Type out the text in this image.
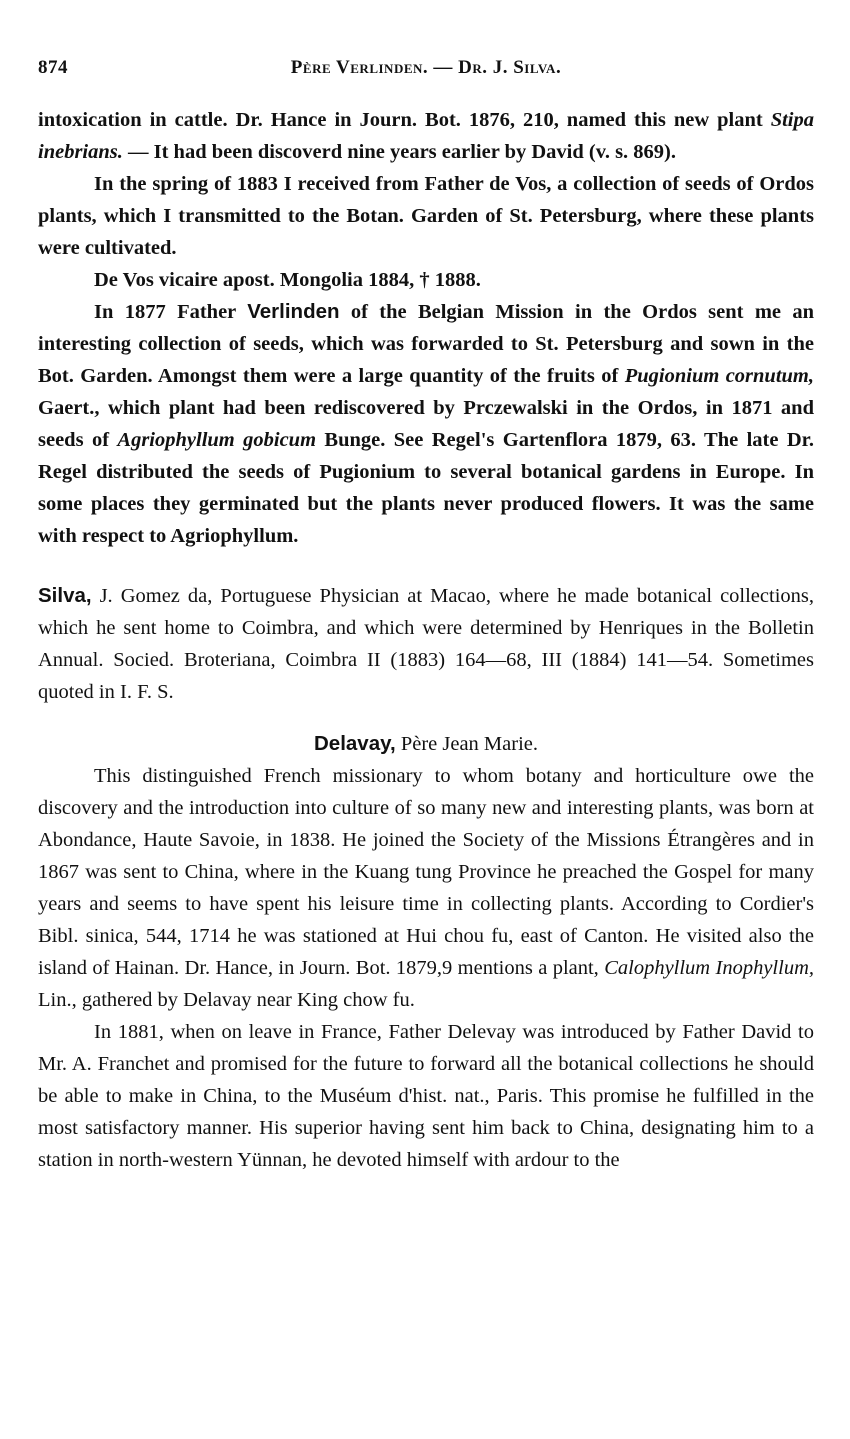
874	Père Verlinden. — Dr. J. Silva.

intoxication in cattle. Dr. Hance in Journ. Bot. 1876, 210, named this new plant Stipa inebrians. — It had been discoverd nine years earlier by David (v. s. 869).

In the spring of 1883 I received from Father de Vos, a collection of seeds of Ordos plants, which I transmitted to the Botan. Garden of St. Petersburg, where these plants were cultivated.

De Vos vicaire apost. Mongolia 1884, † 1888.

In 1877 Father Verlinden of the Belgian Mission in the Ordos sent me an interesting collection of seeds, which was forwarded to St. Petersburg and sown in the Bot. Garden. Amongst them were a large quantity of the fruits of Pugionium cornutum, Gaert., which plant had been rediscovered by Prczewalski in the Ordos, in 1871 and seeds of Agriophyllum gobicum Bunge. See Regel's Gartenflora 1879, 63. The late Dr. Regel distributed the seeds of Pugionium to several botanical gardens in Europe. In some places they germinated but the plants never produced flowers. It was the same with respect to Agriophyllum.

Silva, J. Gomez da, Portuguese Physician at Macao, where he made botanical collections, which he sent home to Coimbra, and which were determined by Henriques in the Bolletin Annual. Socied. Broteriana, Coimbra II (1883) 164—68, III (1884) 141—54. Sometimes quoted in I. F. S.

Delavay, Père Jean Marie.

This distinguished French missionary to whom botany and horticulture owe the discovery and the introduction into culture of so many new and interesting plants, was born at Abondance, Haute Savoie, in 1838. He joined the Society of the Missions Étrangères and in 1867 was sent to China, where in the Kuang tung Province he preached the Gospel for many years and seems to have spent his leisure time in collecting plants. According to Cordier's Bibl. sinica, 544, 1714 he was stationed at Hui chou fu, east of Canton. He visited also the island of Hainan. Dr. Hance, in Journ. Bot. 1879,9 mentions a plant, Calophyllum Inophyllum, Lin., gathered by Delavay near King chow fu.

In 1881, when on leave in France, Father Delevay was introduced by Father David to Mr. A. Franchet and promised for the future to forward all the botanical collections he should be able to make in China, to the Muséum d'hist. nat., Paris. This promise he fulfilled in the most satisfactory manner. His superior having sent him back to China, designating him to a station in north-western Yünnan, he devoted himself with ardour to the
